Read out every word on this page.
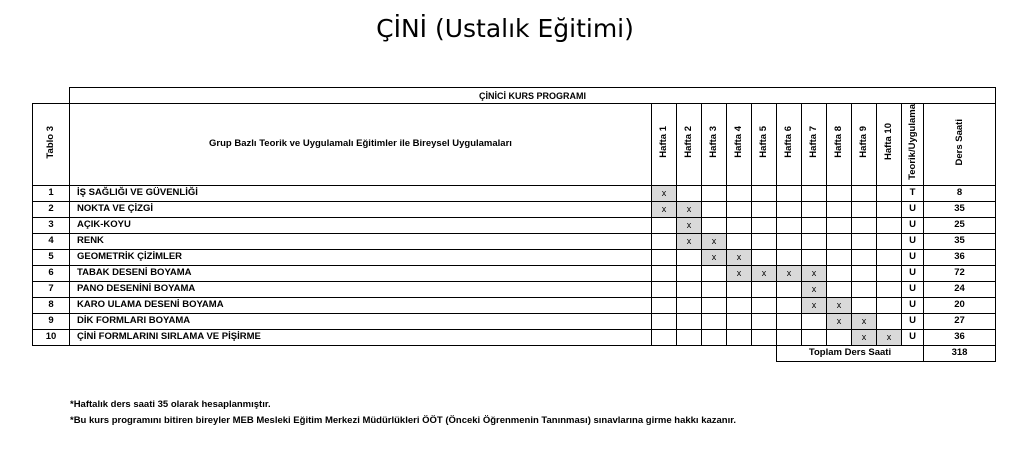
ÇİNİ (Ustalık Eğitimi)
	ÇİNİCİ KURS PROGRAMI												
Tablo 3	Grup Bazlı Teorik ve Uygulamalı Eğitimler ile Bireysel Uygulamaları	Hafta 1	Hafta 2	Hafta 3	Hafta 4	Hafta 5	Hafta 6	Hafta 7	Hafta 8	Hafta 9	Hafta 10	Teorik/Uygulama	Ders Saati
1	İŞ SAĞLIĞI VE GÜVENLİĞİ	x										T	8
2	NOKTA VE ÇİZGİ	x	x									U	35
3	AÇIK-KOYU		x									U	25
4	RENK		x	x								U	35
5	GEOMETRİK ÇİZİMLER			x	x							U	36
6	TABAK DESENİ BOYAMA				x	x	x	x				U	72
7	PANO DESENİNİ BOYAMA							x				U	24
8	KARO ULAMA DESENİ BOYAMA							x	x			U	20
9	DİK FORMLARI BOYAMA								x	x		U	27
10	ÇİNİ FORMLARINI SIRLAMA VE PİŞİRME									x	x	U	36
							Toplam Ders Saati						318
*Haftalık ders saati 35 olarak hesaplanmıştır.
*Bu kurs programını bitiren bireyler MEB Mesleki Eğitim Merkezi Müdürlükleri ÖÖT (Önceki Öğrenmenin Tanınması) sınavlarına girme hakkı kazanır.
